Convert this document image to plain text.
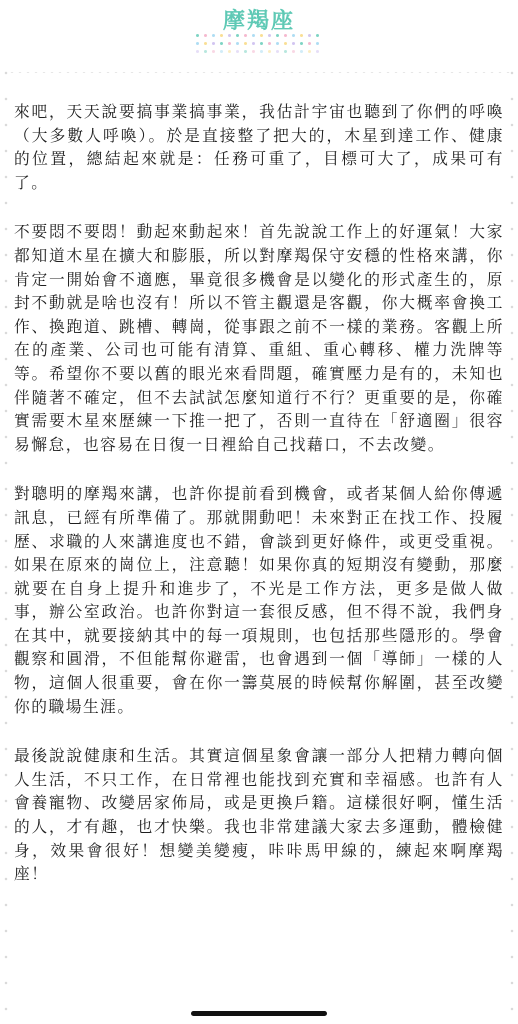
摩羯座

來吧，天天說要搞事業搞事業，我估計宇宙也聽到了你們的呼喚（大多數人呼喚）。於是直接整了把大的，木星到達工作、健康的位置，總結起來就是：任務可重了，目標可大了，成果可有了。

不要悶不要悶！動起來動起來！首先說說工作上的好運氣！大家都知道木星在擴大和膨脹，所以對摩羯保守安穩的性格來講，你肯定一開始會不適應，畢竟很多機會是以變化的形式產生的，原封不動就是啥也沒有！所以不管主觀還是客觀，你大概率會換工作、換跑道、跳槽、轉崗，從事跟之前不一樣的業務。客觀上所在的產業、公司也可能有清算、重組、重心轉移、權力洗牌等等。希望你不要以舊的眼光來看問題，確實壓力是有的，未知也伴隨著不確定，但不去試試怎麼知道行不行？更重要的是，你確實需要木星來歷練一下推一把了，否則一直待在「舒適圈」很容易懈怠，也容易在日復一日裡給自己找藉口，不去改變。

對聰明的摩羯來講，也許你提前看到機會，或者某個人給你傳遞訊息，已經有所準備了。那就開動吧！未來對正在找工作、投履歷、求職的人來講進度也不錯，會談到更好條件，或更受重視。如果在原來的崗位上，注意聽！如果你真的短期沒有變動，那麼就要在自身上提升和進步了，不光是工作方法，更多是做人做事，辦公室政治。也許你對這一套很反感，但不得不說，我們身在其中，就要接納其中的每一項規則，也包括那些隱形的。學會觀察和圓滑，不但能幫你避雷，也會遇到一個「導師」一樣的人物，這個人很重要，會在你一籌莫展的時候幫你解圍，甚至改變你的職場生涯。

最後說說健康和生活。其實這個星象會讓一部分人把精力轉向個人生活，不只工作，在日常裡也能找到充實和幸福感。也許有人會養寵物、改變居家佈局，或是更換戶籍。這樣很好啊，懂生活的人，才有趣，也才快樂。我也非常建議大家去多運動，體檢健身，效果會很好！想變美變瘦，咔咔馬甲線的，練起來啊摩羯座！
